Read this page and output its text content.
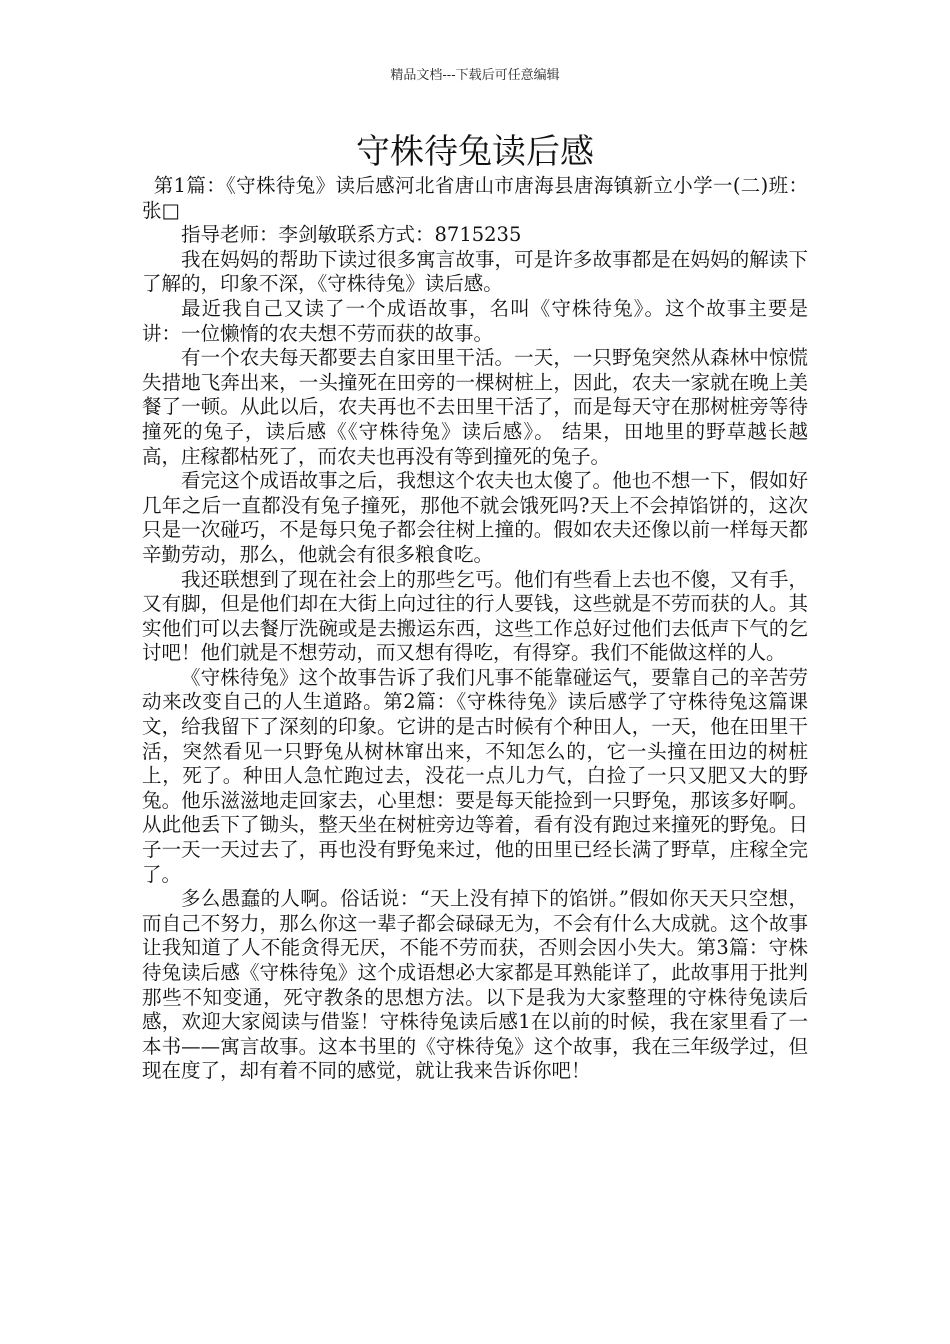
精品文档---下载后可任意编辑
守株待兔读后感

第1篇：《守株待兔》读后感河北省唐山市唐海县唐海镇新立小学一(二)班：张□

指导老师：李剑敏联系方式：8715235

我在妈妈的帮助下读过很多寓言故事，可是许多故事都是在妈妈的解读下了解的，印象不深，《守株待兔》读后感。

最近我自己又读了一个成语故事，名叫《守株待兔》。这个故事主要是讲：一位懒惰的农夫想不劳而获的故事。

有一个农夫每天都要去自家田里干活。一天，一只野兔突然从森林中惊慌失措地飞奔出来，一头撞死在田旁的一棵树桩上，因此，农夫一家就在晚上美餐了一顿。从此以后，农夫再也不去田里干活了，而是每天守在那树桩旁等待撞死的兔子，读后感《《守株待兔》读后感》。 结果，田地里的野草越长越高，庄稼都枯死了，而农夫也再没有等到撞死的兔子。

看完这个成语故事之后，我想这个农夫也太傻了。他也不想一下，假如好几年之后一直都没有兔子撞死，那他不就会饿死吗?天上不会掉馅饼的，这次只是一次碰巧，不是每只兔子都会往树上撞的。假如农夫还像以前一样每天都辛勤劳动，那么，他就会有很多粮食吃。

我还联想到了现在社会上的那些乞丐。他们有些看上去也不傻，又有手，又有脚，但是他们却在大街上向过往的行人要钱，这些就是不劳而获的人。其实他们可以去餐厅洗碗或是去搬运东西，这些工作总好过他们去低声下气的乞讨吧！他们就是不想劳动，而又想有得吃，有得穿。我们不能做这样的人。

《守株待兔》这个故事告诉了我们凡事不能靠碰运气，要靠自己的辛苦劳动来改变自己的人生道路。第2篇：《守株待兔》读后感学了守株待兔这篇课文，给我留下了深刻的印象。它讲的是古时候有个种田人，一天，他在田里干活，突然看见一只野兔从树林窜出来，不知怎么的，它一头撞在田边的树桩上，死了。种田人急忙跑过去，没花一点儿力气，白捡了一只又肥又大的野兔。他乐滋滋地走回家去，心里想：要是每天能捡到一只野兔，那该多好啊。从此他丢下了锄头，整天坐在树桩旁边等着，看有没有跑过来撞死的野兔。日子一天一天过去了，再也没有野兔来过，他的田里已经长满了野草，庄稼全完了。

多么愚蠢的人啊。俗话说：“天上没有掉下的馅饼。”假如你天天只空想，而自己不努力，那么你这一辈子都会碌碌无为，不会有什么大成就。这个故事让我知道了人不能贪得无厌，不能不劳而获，否则会因小失大。第3篇：守株待兔读后感《守株待兔》这个成语想必大家都是耳熟能详了，此故事用于批判那些不知变通，死守教条的思想方法。以下是我为大家整理的守株待兔读后感，欢迎大家阅读与借鉴！守株待兔读后感1在以前的时候，我在家里看了一本书——寓言故事。这本书里的《守株待兔》这个故事，我在三年级学过，但现在度了，却有着不同的感觉，就让我来告诉你吧！
